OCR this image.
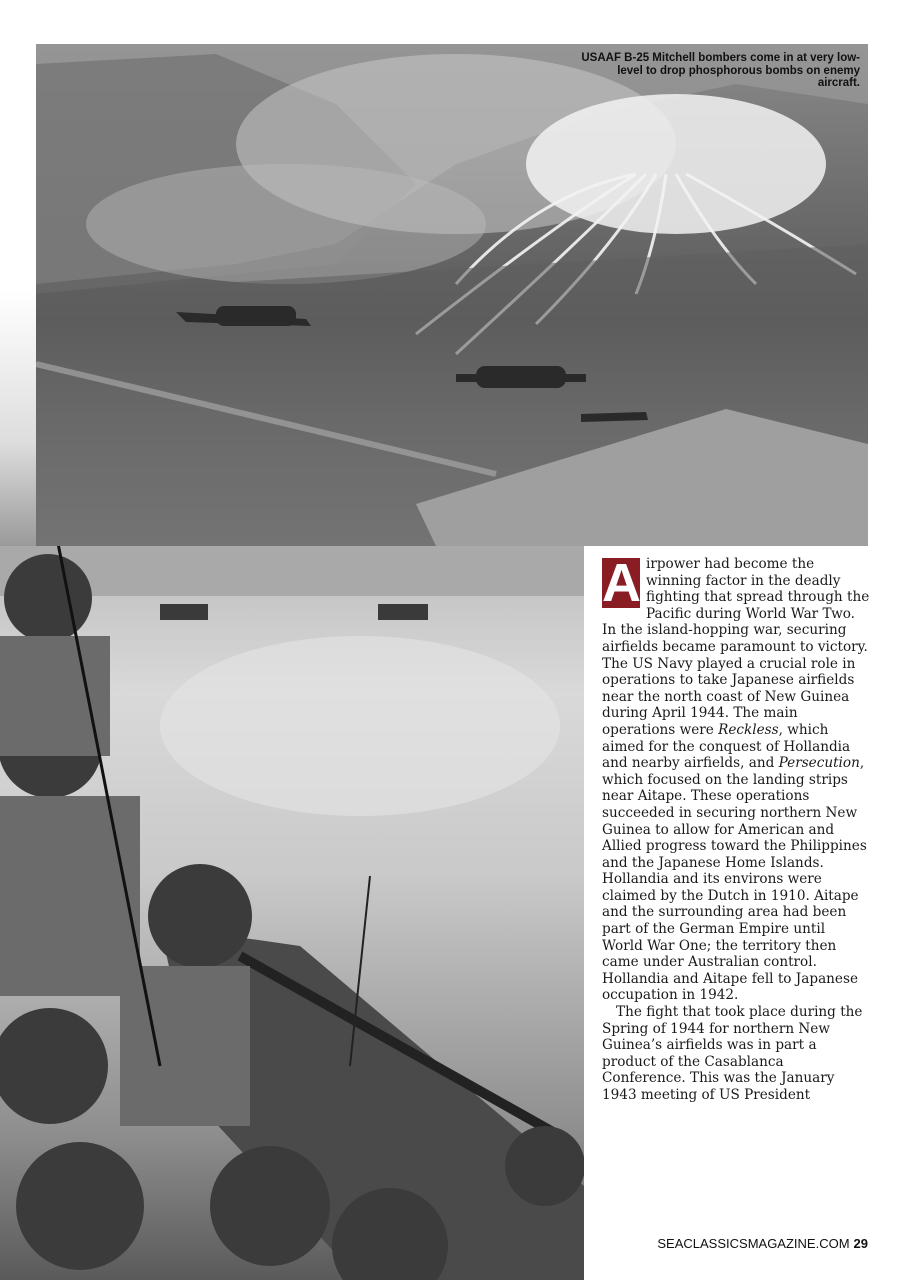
USAAF B-25 Mitchell bombers come in at very low-level to drop phosphorous bombs on enemy aircraft.

A irpower had become the winning factor in the deadly fighting that spread through the Pacific during World War Two. In the island-hopping war, securing airfields became paramount to victory. The US Navy played a crucial role in operations to take Japanese airfields near the north coast of New Guinea during April 1944. The main operations were Reckless, which aimed for the conquest of Hollandia and nearby airfields, and Persecution, which focused on the landing strips near Aitape. These operations succeeded in securing northern New Guinea to allow for American and Allied progress toward the Philippines and the Japanese Home Islands. Hollandia and its environs were claimed by the Dutch in 1910. Aitape and the surrounding area had been part of the German Empire until World War One; the territory then came under Australian control. Hollandia and Aitape fell to Japanese occupation in 1942.

The fight that took place during the Spring of 1944 for northern New Guinea’s airfields was in part a product of the Casablanca Conference. This was the January 1943 meeting of US President

SEACLASSICSMAGAZINE.COM 29
